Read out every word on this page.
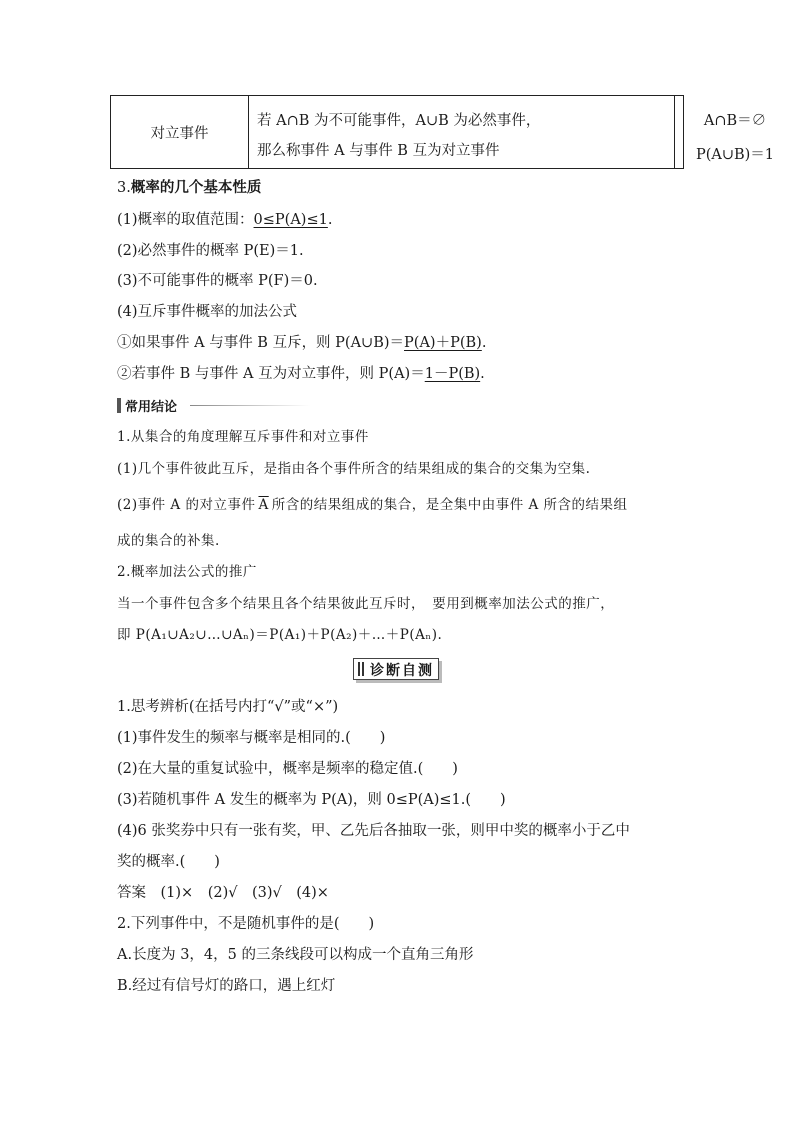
对立事件
若 A∩B 为不可能事件，A∪B 为必然事件，
那么称事件 A 与事件 B 互为对立事件
A∩B＝∅
P(A∪B)＝1
3.概率的几个基本性质
(1)概率的取值范围：0≤P(A)≤1.
(2)必然事件的概率 P(E)＝1.
(3)不可能事件的概率 P(F)＝0.
(4)互斥事件概率的加法公式
①如果事件 A 与事件 B 互斥，则 P(A∪B)＝P(A)＋P(B).
②若事件 B 与事件 A 互为对立事件，则 P(A)＝1－P(B).
常用结论
1.从集合的角度理解互斥事件和对立事件
(1)几个事件彼此互斥，是指由各个事件所含的结果组成的集合的交集为空集.
(2)事件 A 的对立事件 $\overline{A}$ 所含的结果组成的集合，是全集中由事件 A 所含的结果组
成的集合的补集.
2.概率加法公式的推广
当一个事件包含多个结果且各个结果彼此互斥时，　要用到概率加法公式的推广，
即 P(A₁∪A₂∪…∪Aₙ)＝P(A₁)＋P(A₂)＋…＋P(Aₙ).
诊断自测
1.思考辨析(在括号内打“√”或“×”)
(1)事件发生的频率与概率是相同的.(　　)
(2)在大量的重复试验中，概率是频率的稳定值.(　　)
(3)若随机事件 A 发生的概率为 P(A)，则 0≤P(A)≤1.(　　)
(4)6 张奖券中只有一张有奖，甲、乙先后各抽取一张，则甲中奖的概率小于乙中
奖的概率.(　　)
答案　(1)×　(2)√　(3)√　(4)×
2.下列事件中，不是随机事件的是(　　)
A.长度为 3，4，5 的三条线段可以构成一个直角三角形
B.经过有信号灯的路口，遇上红灯
